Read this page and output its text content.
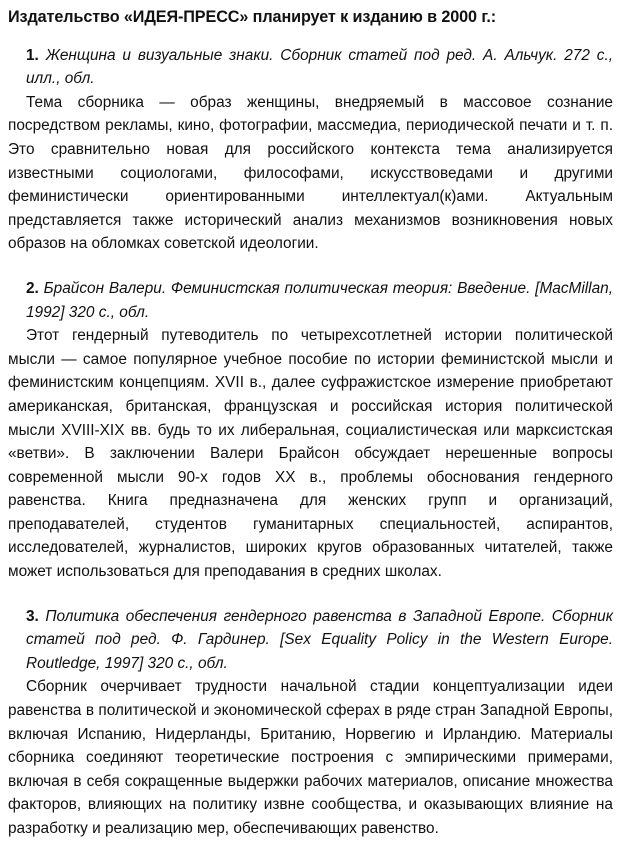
Издательство «ИДЕЯ-ПРЕСС» планирует к изданию в 2000 г.:

1. Женщина и визуальные знаки. Сборник статей под ред. А. Альчук. 272 с., илл., обл.

Тема сборника — образ женщины, внедряемый в массовое сознание посредством рекламы, кино, фотографии, массмедиа, периодической печати и т. п. Это сравнительно новая для российского контекста тема анализируется известными социологами, философами, искусствоведами и другими феминистически ориентированными интеллектуал(к)ами. Актуальным представляется также исторический анализ механизмов возникновения новых образов на обломках советской идеологии.

2. Брайсон Валери. Феминистская политическая теория: Введение. [MacMillan, 1992] 320 с., обл.

Этот гендерный путеводитель по четырехсотлетней истории политической мысли — самое популярное учебное пособие по истории феминистской мысли и феминистским концепциям. XVII в., далее суфражистское измерение приобретают американская, британская, французская и российская история политической мысли XVIII-XIX вв. будь то их либеральная, социалистическая или марксистская «ветви». В заключении Валери Брайсон обсуждает нерешенные вопросы современной мысли 90-х годов XX в., проблемы обоснования гендерного равенства. Книга предназначена для женских групп и организаций, преподавателей, студентов гуманитарных специальностей, аспирантов, исследователей, журналистов, широких кругов образованных читателей, также может использоваться для преподавания в средних школах.

3. Политика обеспечения гендерного равенства в Западной Европе. Сборник статей под ред. Ф. Гардинер. [Sex Equality Policy in the Western Europe. Routledge, 1997] 320 с., обл.

Сборник очерчивает трудности начальной стадии концептуализации идеи равенства в политической и экономической сферах в ряде стран Западной Европы, включая Испанию, Нидерланды, Британию, Норвегию и Ирландию. Материалы сборника соединяют теоретические построения с эмпирическими примерами, включая в себя сокращенные выдержки рабочих материалов, описание множества факторов, влияющих на политику извне сообщества, и оказывающих влияние на разработку и реализацию мер, обеспечивающих равенство.
